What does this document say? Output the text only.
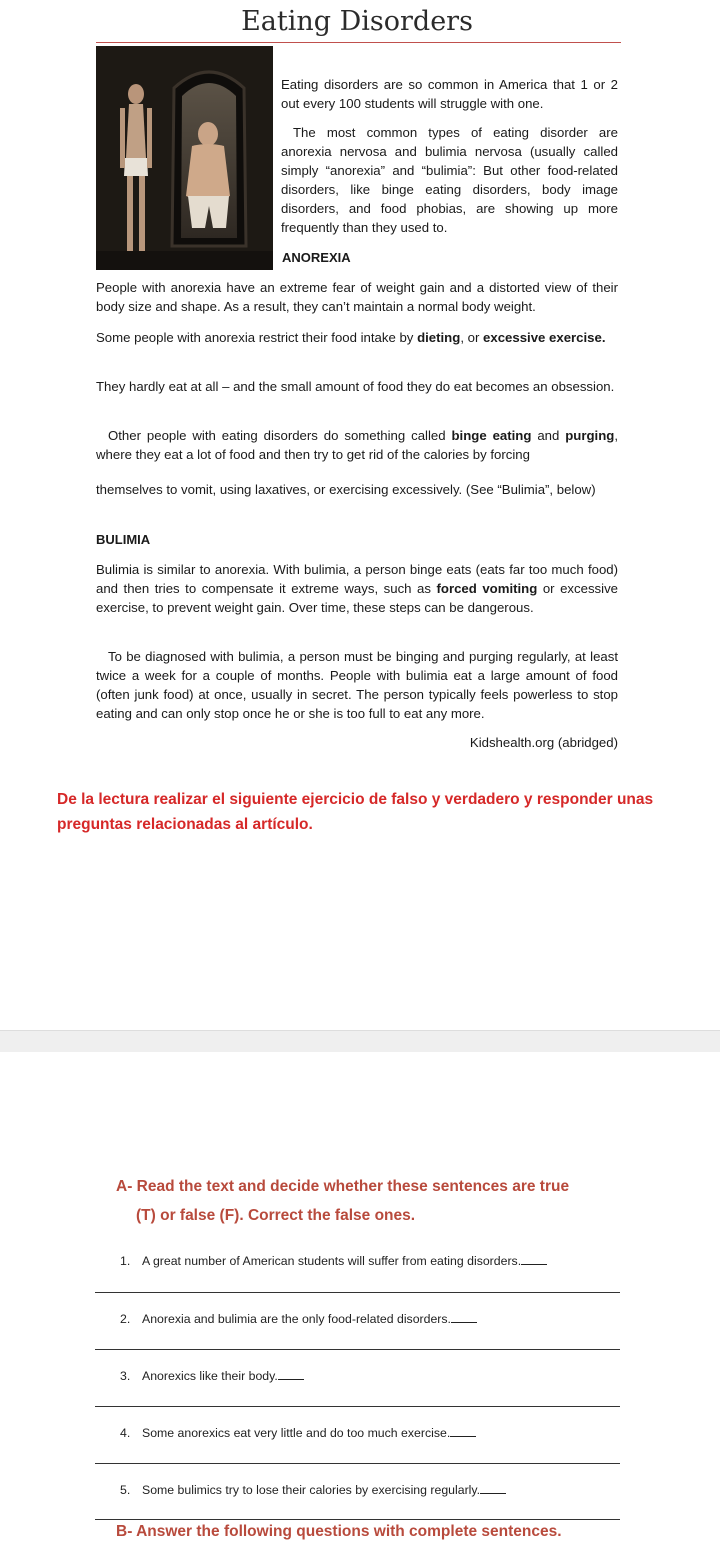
Eating Disorders

Eating disorders are so common in America that 1 or 2 out every 100 students will struggle with one.

The most common types of eating disorder are anorexia nervosa and bulimia nervosa (usually called simply “anorexia” and “bulimia”: But other food-related disorders, like binge eating disorders, body image disorders, and food phobias, are showing up more frequently than they used to.

ANOREXIA

People with anorexia have an extreme fear of weight gain and a distorted view of their body size and shape. As a result, they can’t maintain a normal body weight.

Some people with anorexia restrict their food intake by dieting, or excessive exercise.

They hardly eat at all – and the small amount of food they do eat becomes an obsession.

Other people with eating disorders do something called binge eating and purging, where they eat a lot of food and then try to get rid of the calories by forcing

themselves to vomit, using laxatives, or exercising excessively. (See “Bulimia”, below)

BULIMIA

Bulimia is similar to anorexia. With bulimia, a person binge eats (eats far too much food) and then tries to compensate it extreme ways, such as forced vomiting or excessive exercise, to prevent weight gain. Over time, these steps can be dangerous.

To be diagnosed with bulimia, a person must be binging and purging regularly, at least twice a week for a couple of months. People with bulimia eat a large amount of food (often junk food) at once, usually in secret. The person typically feels powerless to stop eating and can only stop once he or she is too full to eat any more.

Kidshealth.org (abridged)
De la lectura realizar el siguiente ejercicio de falso y verdadero y responder unas preguntas relacionadas al artículo.
A- Read the text and decide whether these sentences are true
(T) or false (F). Correct the false ones.
1. A great number of American students will suffer from eating disorders.
2. Anorexia and bulimia are the only food-related disorders.
3. Anorexics like their body.
4. Some anorexics eat very little and do too much exercise.
5. Some bulimics try to lose their calories by exercising regularly.
B- Answer the following questions with complete sentences.
